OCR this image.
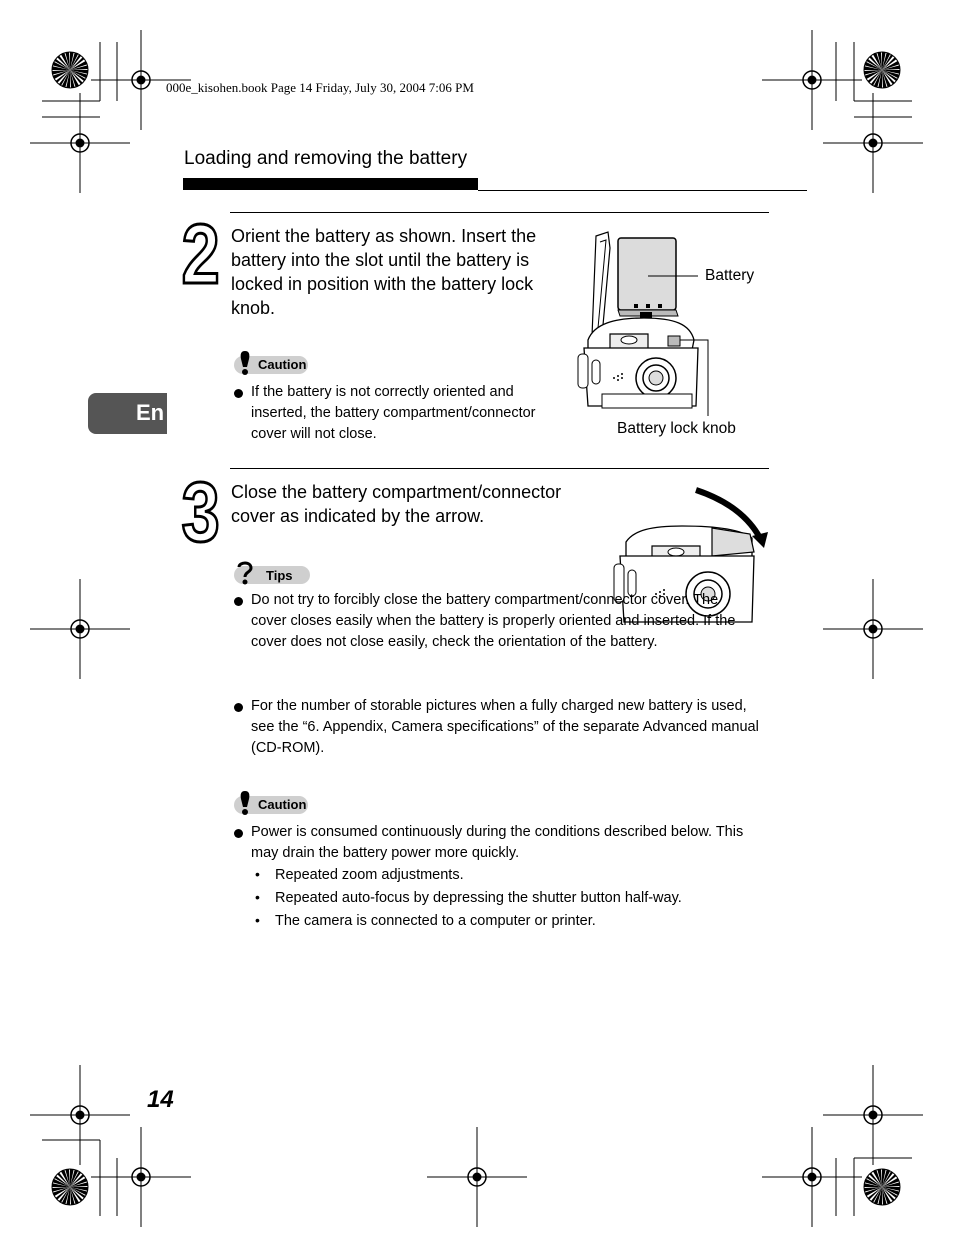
000e_kisohen.book Page 14 Friday, July 30, 2004 7:06 PM
Loading and removing the battery
En
2 Orient the battery as shown. Insert the battery into the slot until the battery is locked in position with the battery lock knob.
Caution
If the battery is not correctly oriented and inserted, the battery compartment/connector cover will not close.
Battery
Battery lock knob
3 Close the battery compartment/connector cover as indicated by the arrow.
Tips
Do not try to forcibly close the battery compartment/connector cover. The cover closes easily when the battery is properly oriented and inserted. If the cover does not close easily, check the orientation of the battery.
For the number of storable pictures when a fully charged new battery is used, see the “6. Appendix, Camera specifications” of the separate Advanced manual (CD-ROM).
Caution
Power is consumed continuously during the conditions described below. This may drain the battery power more quickly.
• Repeated zoom adjustments.
• Repeated auto-focus by depressing the shutter button half-way.
• The camera is connected to a computer or printer.
14
